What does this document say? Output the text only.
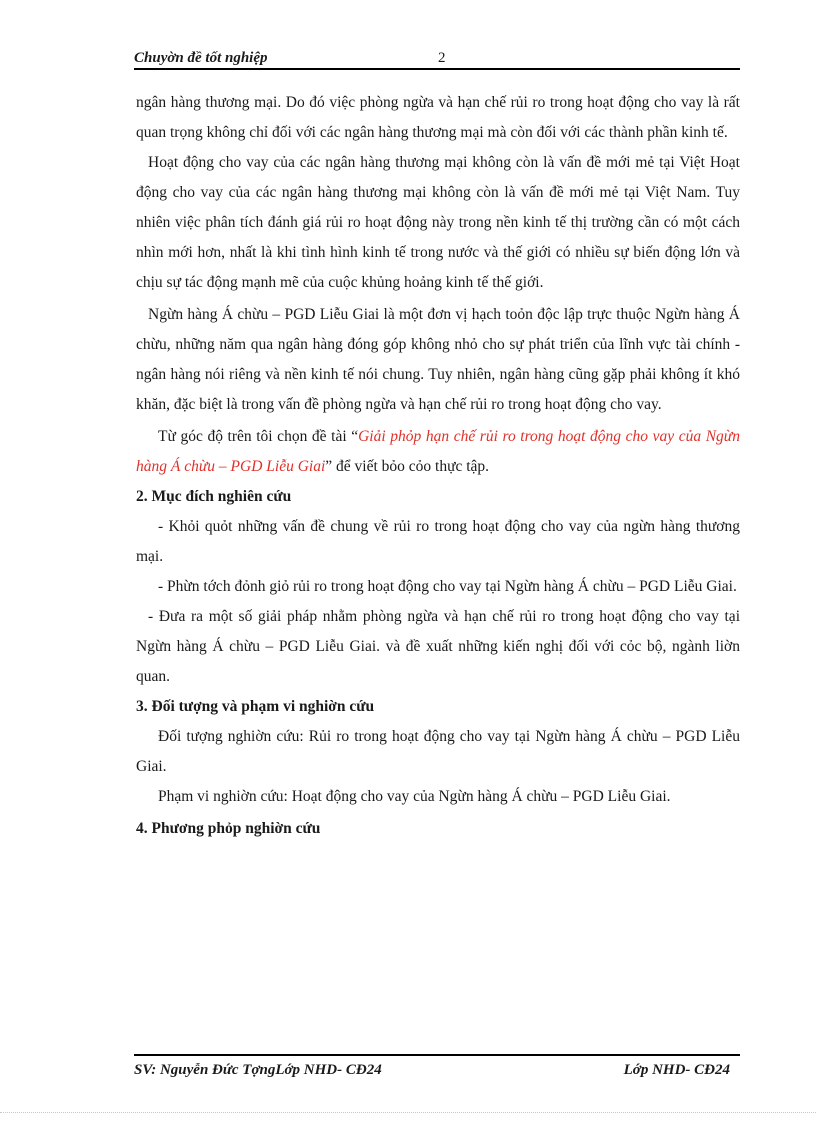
Chuyờn đề tốt nghiệp	2

ngân hàng thương mại. Do đó việc phòng ngừa và hạn chế rủi ro trong hoạt động cho vay là rất quan trọng không chỉ đối với các ngân hàng thương mại mà còn đối với các thành phần kinh tế.

Hoạt động cho vay của các ngân hàng thương mại không còn là vấn đề mới mẻ tại Việt Hoạt động cho vay của các ngân hàng thương mại không còn là vấn đề mới mẻ tại Việt Nam. Tuy nhiên việc phân tích đánh giá rủi ro hoạt động này trong nền kinh tế thị trường cần có một cách nhìn mới hơn, nhất là khi tình hình kinh tế trong nước và thế giới có nhiều sự biến động lớn và chịu sự tác động mạnh mẽ của cuộc khủng hoảng kinh tế thế giới.

Ngừn hàng Á chừu – PGD Liễu Giai là một đơn vị hạch toỏn độc lập trực thuộc Ngừn hàng Á chừu, những năm qua ngân hàng đóng góp không nhỏ cho sự phát triển của lĩnh vực tài chính - ngân hàng nói riêng và nền kinh tế nói chung. Tuy nhiên, ngân hàng cũng gặp phải không ít khó khăn, đặc biệt là trong vấn đề phòng ngừa và hạn chế rủi ro trong hoạt động cho vay.

Từ góc độ trên tôi chọn đề tài “Giải phỏp hạn chế rủi ro trong hoạt động cho vay của Ngừn hàng Á chừu – PGD Liễu Giai” để viết bỏo cỏo thực tập.

2. Mục đích nghiên cứu

- Khỏi quỏt những vấn đề chung về rủi ro trong hoạt động cho vay của ngừn hàng thương mại.

- Phừn tớch đỏnh giỏ rủi ro trong hoạt động cho vay tại Ngừn hàng Á chừu – PGD Liễu Giai.

- Đưa ra một số giải pháp nhằm phòng ngừa và hạn chế rủi ro trong hoạt động cho vay tại Ngừn hàng Á chừu – PGD Liễu Giai. và đề xuất những kiến nghị đối với cỏc bộ, ngành liờn quan.

3. Đối tượng và phạm vi nghiờn cứu

Đối tượng nghiờn cứu: Rủi ro trong hoạt động cho vay tại Ngừn hàng Á chừu – PGD Liễu Giai.

Phạm vi nghiờn cứu: Hoạt động cho vay của Ngừn hàng Á chừu – PGD Liễu Giai.

4. Phương phỏp nghiờn cứu

SV: Nguyễn Đức TợngLớp NHD- CĐ24	Lớp NHD- CĐ24
